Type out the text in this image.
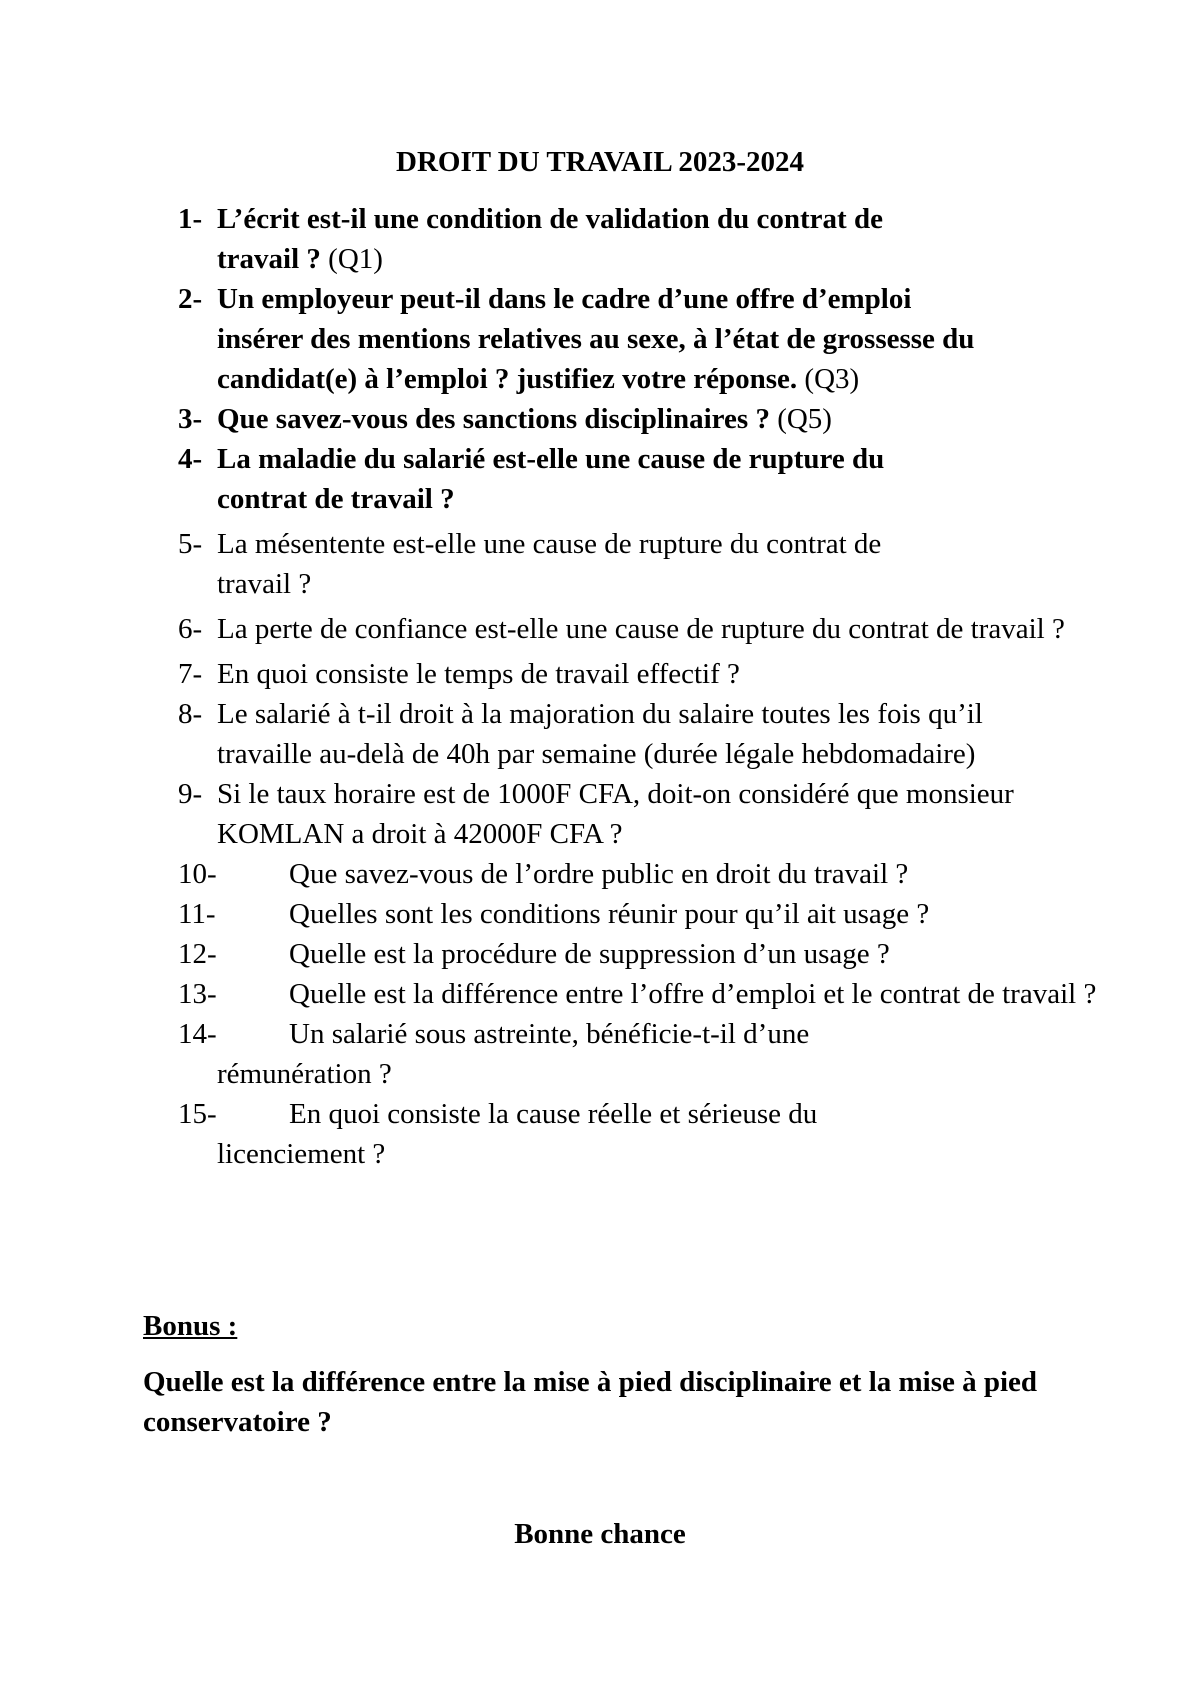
DROIT DU TRAVAIL 2023-2024

1- L’écrit est-il une condition de validation du contrat de travail ? (Q1)

2- Un employeur peut-il dans le cadre d’une offre d’emploi insérer des mentions relatives au sexe, à l’état de grossesse du candidat(e) à l’emploi ? justifiez votre réponse. (Q3)

3- Que savez-vous des sanctions disciplinaires ? (Q5)

4- La maladie du salarié est-elle une cause de rupture du contrat de travail ?

5- La mésentente est-elle une cause de rupture du contrat de travail ?

6- La perte de confiance est-elle une cause de rupture du contrat de travail ?

7- En quoi consiste le temps de travail effectif ?

8- Le salarié à t-il droit à la majoration du salaire toutes les fois qu’il travaille au-delà de 40h par semaine (durée légale hebdomadaire)

9- Si le taux horaire est de 1000F CFA, doit-on considéré que monsieur KOMLAN a droit à 42000F CFA ?

10- Que savez-vous de l’ordre public en droit du travail ?

11-	Quelles sont les conditions réunir pour qu’il ait usage ?

12- Quelle est la procédure de suppression d’un usage ?

13- Quelle est la différence entre l’offre d’emploi et le contrat de travail ?

14- Un salarié sous astreinte, bénéficie-t-il d’une rémunération ?

15- En quoi consiste la cause réelle et sérieuse du licenciement ?

Bonus :
Quelle est la différence entre la mise à pied disciplinaire et la mise à pied conservatoire ?
Bonne chance
